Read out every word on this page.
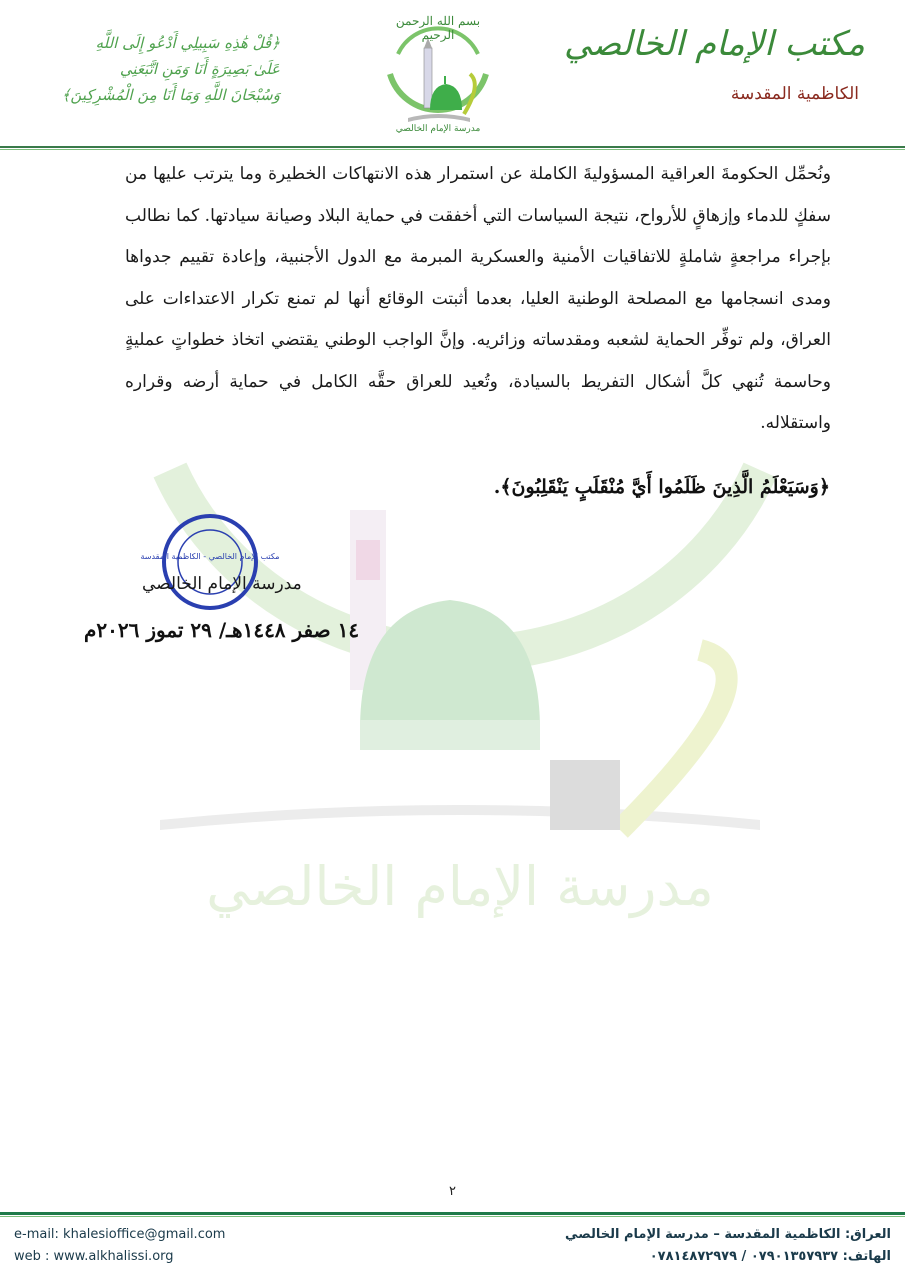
مكتب الإمام الخالصي
الكاظمية المقدسة
بسم الله الرحمن الرحيم
مدرسة الإمام الخالصي
﴿قُلْ هَٰذِهِ سَبِيلِي أَدْعُو إِلَى اللَّهِ
عَلَىٰ بَصِيرَةٍ أَنَا وَمَنِ اتَّبَعَنِي
وَسُبْحَانَ اللَّهِ وَمَا أَنَا مِنَ الْمُشْرِكِينَ﴾
مدرسة الإمام الخالصي

ونُحمِّل الحكومةَ العراقية المسؤوليةَ الكاملة عن استمرار هذه الانتهاكات الخطيرة وما يترتب عليها من سفكٍ للدماء وإزهاقٍ للأرواح، نتيجة السياسات التي أخفقت في حماية البلاد وصيانة سيادتها. كما نطالب بإجراء مراجعةٍ شاملةٍ للاتفاقيات الأمنية والعسكرية المبرمة مع الدول الأجنبية، وإعادة تقييم جدواها ومدى انسجامها مع المصلحة الوطنية العليا، بعدما أثبتت الوقائع أنها لم تمنع تكرار الاعتداءات على العراق، ولم توفِّر الحماية لشعبه ومقدساته وزائريه. وإنَّ الواجب الوطني يقتضي اتخاذ خطواتٍ عمليةٍ وحاسمة تُنهي كلَّ أشكال التفريط بالسيادة، وتُعيد للعراق حقَّه الكامل في حماية أرضه وقراره واستقلاله.

﴿وَسَيَعْلَمُ الَّذِينَ ظَلَمُوا أَيَّ مُنْقَلَبٍ يَنْقَلِبُونَ﴾.
مكتب الإمام الخالصي - الكاظمية المقدسة
مدرسة الإمام الخالصي
١٤ صفر ١٤٤٨هـ/ ٢٩ تموز ٢٠٢٦م
٢
e-mail: khalesioffice@gmail.com
web : www.alkhalissi.org
العراق: الكاظمية المقدسة – مدرسة الإمام الخالصي
الهاتف: ٠٧٩٠١٣٥٧٩٣٧ / ٠٧٨١٤٨٧٢٩٧٩
